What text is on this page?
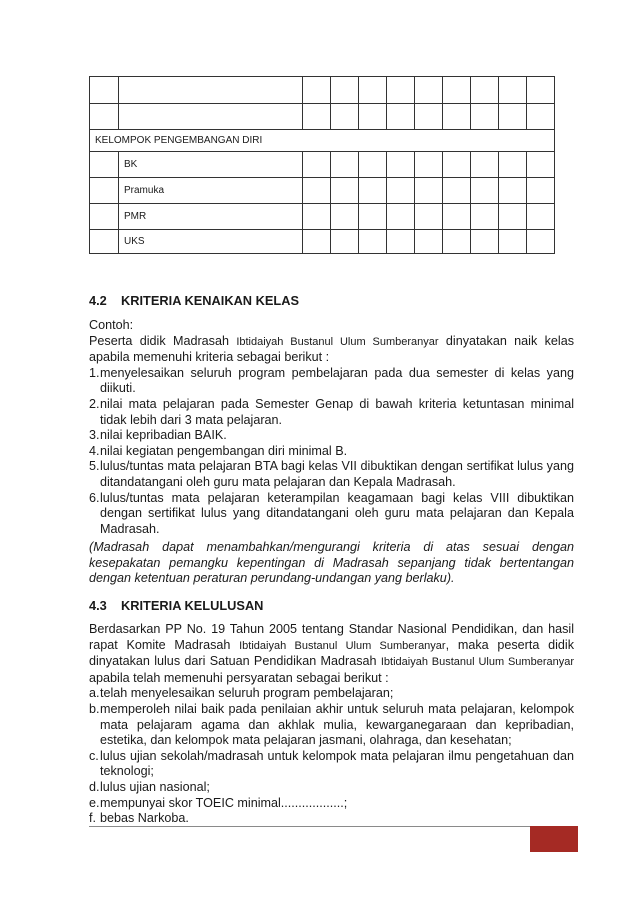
KELOMPOK PENGEMBANGAN DIRI										
	BK									
	Pramuka									
	PMR									
	UKS									
4.2 KRITERIA KENAIKAN KELAS
Contoh:
Peserta didik Madrasah Ibtidaiyah Bustanul Ulum Sumberanyar dinyatakan naik kelas apabila memenuhi kriteria sebagai berikut :
1. menyelesaikan seluruh program pembelajaran pada dua semester di kelas yang diikuti.
2. nilai mata pelajaran pada Semester Genap di bawah kriteria ketuntasan minimal tidak lebih dari 3 mata pelajaran.
3. nilai kepribadian BAIK.
4. nilai kegiatan pengembangan diri minimal B.
5. lulus/tuntas mata pelajaran BTA bagi kelas VII dibuktikan dengan sertifikat lulus yang ditandatangani oleh guru mata pelajaran dan Kepala Madrasah.
6. lulus/tuntas mata pelajaran keterampilan keagamaan bagi kelas VIII dibuktikan dengan sertifikat lulus yang ditandatangani oleh guru mata pelajaran dan Kepala Madrasah.
(Madrasah dapat menambahkan/mengurangi kriteria di atas sesuai dengan kesepakatan pemangku kepentingan di Madrasah sepanjang tidak bertentangan dengan ketentuan peraturan perundang-undangan yang berlaku).
4.3 KRITERIA KELULUSAN
Berdasarkan PP No. 19 Tahun 2005 tentang Standar Nasional Pendidikan, dan hasil rapat Komite Madrasah Ibtidaiyah Bustanul Ulum Sumberanyar, maka peserta didik dinyatakan lulus dari Satuan Pendidikan Madrasah Ibtidaiyah Bustanul Ulum Sumberanyar apabila telah memenuhi persyaratan sebagai berikut :
a. telah menyelesaikan seluruh program pembelajaran;
b. memperoleh nilai baik pada penilaian akhir untuk seluruh mata pelajaran, kelompok mata pelajaram agama dan akhlak mulia, kewarganegaraan dan kepribadian, estetika, dan kelompok mata pelajaran jasmani, olahraga, dan kesehatan;
c. lulus ujian sekolah/madrasah untuk kelompok mata pelajaran ilmu pengetahuan dan teknologi;
d. lulus ujian nasional;
e. mempunyai skor TOEIC minimal..................;
f. bebas Narkoba.
